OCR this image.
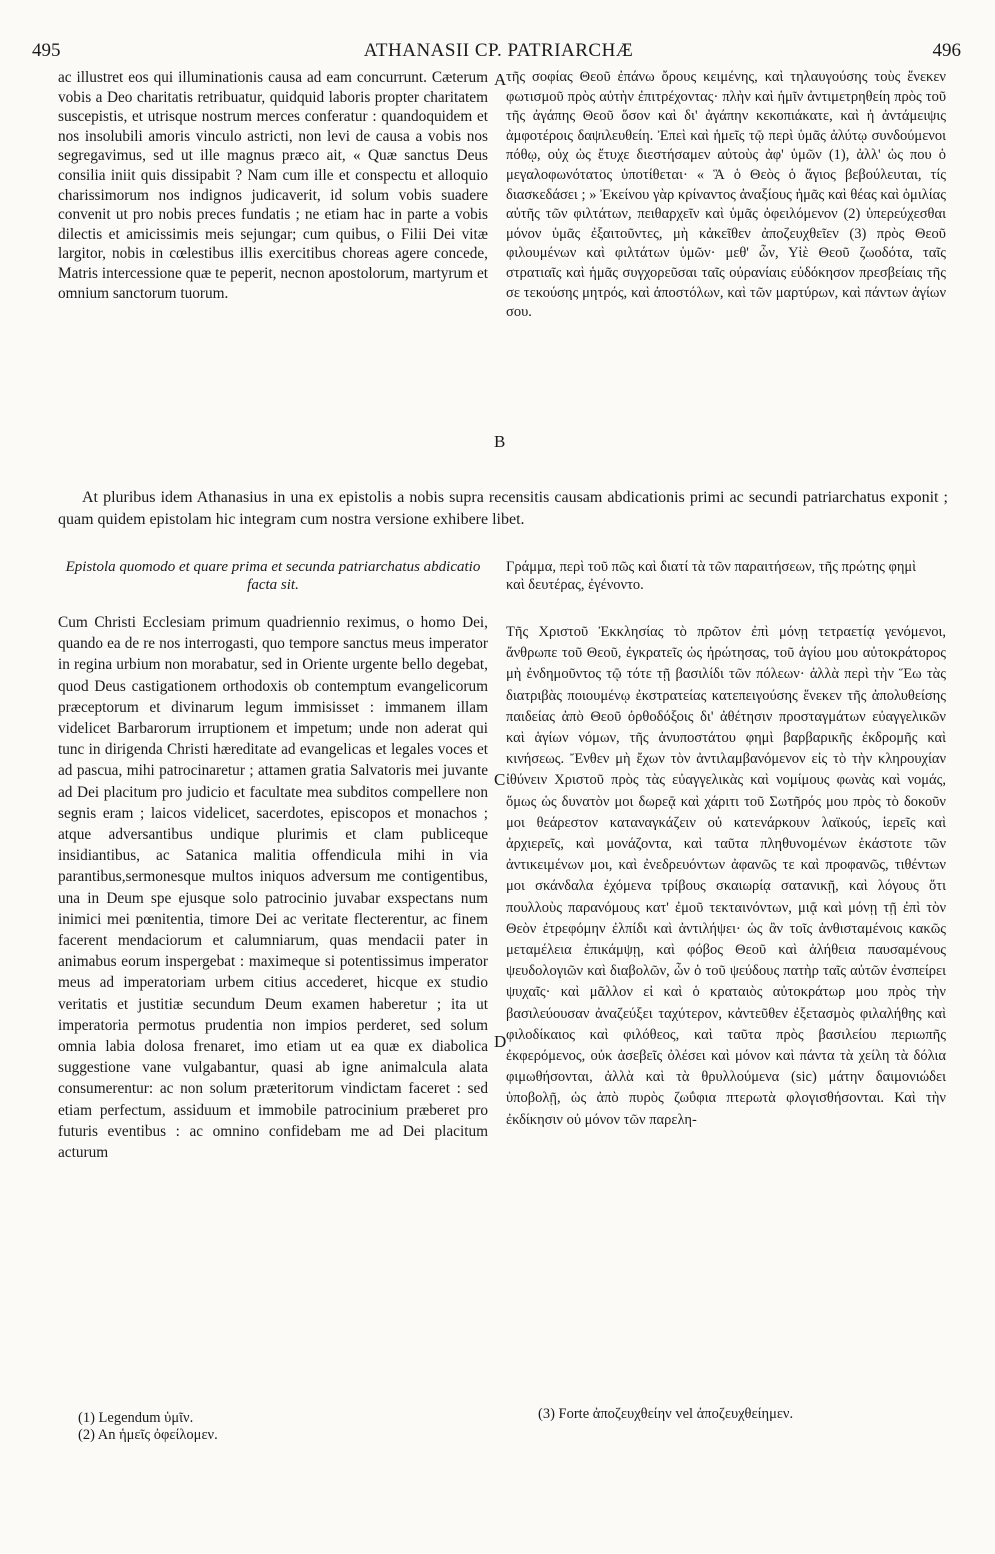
495	ATHANASII CP. PATRIARCHÆ	496

ac illustret eos qui illuminationis causa ad eam concurrunt. Cæterum vobis a Deo charitatis retribuatur, quidquid laboris propter charitatem suscepistis, et utrisque nostrum merces conferatur : quandoquidem et nos insolubili amoris vinculo astricti, non levi de causa a vobis nos segregavimus, sed ut ille magnus præco ait, « Quæ sanctus Deus consilia iniit quis dissipabit ? Nam cum ille et conspectu et alloquio charissimorum nos indignos judicaverit, id solum vobis suadere convenit ut pro nobis preces fundatis ; ne etiam hac in parte a vobis dilectis et amicissimis meis sejungar; cum quibus, o Filii Dei vitæ largitor, nobis in cœlestibus illis exercitibus choreas agere concede, Matris intercessione quæ te peperit, necnon apostolorum, martyrum et omnium sanctorum tuorum.

τῆς σοφίας Θεοῦ ἐπάνω ὄρους κειμένης, καὶ τηλαυγούσης τοὺς ἕνεκεν φωτισμοῦ πρὸς αὐτὴν ἐπιτρέχοντας· πλὴν καὶ ἡμῖν ἀντιμετρηθείη πρὸς τοῦ τῆς ἀγάπης Θεοῦ ὅσον καὶ δι' ἀγάπην κεκοπιάκατε, καὶ ἡ ἀντάμειψις ἀμφοτέροις δαψιλευθείη. Ἐπεὶ καὶ ἡμεῖς τῷ περὶ ὑμᾶς ἀλύτῳ συνδούμενοι πόθῳ, οὐχ ὡς ἔτυχε διεστήσαμεν αὐτοὺς ἀφ' ὑμῶν (1), ἀλλ' ὡς που ὁ μεγαλοφωνότατος ὑποτίθεται· « Ἃ ὁ Θεὸς ὁ ἅγιος βεβούλευται, τίς διασκεδάσει ; » Ἐκείνου γὰρ κρίναντος ἀναξίους ἡμᾶς καὶ θέας καὶ ὁμιλίας αὐτῆς τῶν φιλτάτων, πειθαρχεῖν καὶ ὑμᾶς ὀφειλόμενον (2) ὑπερεύχεσθαι μόνον ὑμᾶς ἐξαιτοῦντες, μὴ κἀκεῖθεν ἀποζευχθεῖεν (3) πρὸς Θεοῦ φιλουμένων καὶ φιλτάτων ὑμῶν· μεθ' ὧν, Υἱὲ Θεοῦ ζωοδότα, ταῖς στρατιαῖς καὶ ἡμᾶς συγχορεῦσαι ταῖς οὐρανίαις εὐδόκησον πρεσβείαις τῆς σε τεκούσης μητρός, καὶ ἀποστόλων, καὶ τῶν μαρτύρων, καὶ πάντων ἁγίων σου.

A
B
At pluribus idem Athanasius in una ex epistolis a nobis supra recensitis causam abdicationis primi ac secundi patriarchatus exponit ; quam quidem epistolam hic integram cum nostra versione exhibere libet.
Epistola quomodo et quare prima et secunda patriarchatus abdicatio facta sit.

Cum Christi Ecclesiam primum quadriennio reximus, o homo Dei, quando ea de re nos interrogasti, quo tempore sanctus meus imperator in regina urbium non morabatur, sed in Oriente urgente bello degebat, quod Deus castigationem orthodoxis ob contemptum evangelicorum præceptorum et divinarum legum immisisset : immanem illam videlicet Barbarorum irruptionem et impetum; unde non aderat qui tunc in dirigenda Christi hæreditate ad evangelicas et legales voces et ad pascua, mihi patrocinaretur ; attamen gratia Salvatoris mei juvante ad Dei placitum pro judicio et facultate mea subditos compellere non segnis eram ; laicos videlicet, sacerdotes, episcopos et monachos ; atque adversantibus undique plurimis et clam publiceque insidiantibus, ac Satanica malitia offendicula mihi in via parantibus,sermonesque multos iniquos adversum me contigentibus, una in Deum spe ejusque solo patrocinio juvabar exspectans num inimici mei pœnitentia, timore Dei ac veritate flecterentur, ac finem facerent mendaciorum et calumniarum, quas mendacii pater in animabus eorum inspergebat : maximeque si potentissimus imperator meus ad imperatoriam urbem citius accederet, hicque ex studio veritatis et justitiæ secundum Deum examen haberetur ; ita ut imperatoria permotus prudentia non impios perderet, sed solum omnia labia dolosa frenaret, imo etiam ut ea quæ ex diabolica suggestione vane vulgabantur, quasi ab igne animalcula alata consumerentur: ac non solum præteritorum vindictam faceret : sed etiam perfectum, assiduum et immobile patrocinium præberet pro futuris eventibus : ac omnino confidebam me ad Dei placitum acturum

Γράμμα, περὶ τοῦ πῶς καὶ διατί τὰ τῶν παραιτήσεων, τῆς πρώτης φημὶ καὶ δευτέρας, ἐγένοντο.

Τῆς Χριστοῦ Ἐκκλησίας τὸ πρῶτον ἐπὶ μόνῃ τετραετίᾳ γενόμενοι, ἄνθρωπε τοῦ Θεοῦ, ἐγκρατεῖς ὡς ἠρώτησας, τοῦ ἁγίου μου αὐτοκράτορος μὴ ἐνδημοῦντος τῷ τότε τῇ βασιλίδι τῶν πόλεων· ἀλλὰ περὶ τὴν Ἕω τὰς διατριβὰς ποιουμένῳ ἐκστρατείας κατεπειγούσης ἕνεκεν τῆς ἀπολυθείσης παιδείας ἀπὸ Θεοῦ ὀρθοδόξοις δι' ἀθέτησιν προσταγμάτων εὐαγγελικῶν καὶ ἁγίων νόμων, τῆς ἀνυποστάτου φημὶ βαρβαρικῆς ἐκδρομῆς καὶ κινήσεως. Ἔνθεν μὴ ἔχων τὸν ἀντιλαμβανόμενον εἰς τὸ τὴν κληρουχίαν ἰθύνειν Χριστοῦ πρὸς τὰς εὐαγγελικὰς καὶ νομίμους φωνὰς καὶ νομάς, ὅμως ὡς δυνατὸν μοι δωρεᾷ καὶ χάριτι τοῦ Σωτῆρός μου πρὸς τὸ δοκοῦν μοι θεάρεστον καταναγκάζειν οὐ κατενάρκουν λαϊκούς, ἱερεῖς καὶ ἀρχιερεῖς, καὶ μονάζοντα, καὶ ταῦτα πληθυνομένων ἑκάστοτε τῶν ἀντικειμένων μοι, καὶ ἐνεδρευόντων ἀφανῶς τε καὶ προφανῶς, τιθέντων μοι σκάνδαλα ἐχόμενα τρίβους σκαιωρίᾳ σατανικῇ, καὶ λόγους ὅτι πουλλοὺς παρανόμους κατ' ἐμοῦ τεκταινόντων, μιᾷ καὶ μόνῃ τῇ ἐπὶ τὸν Θεὸν ἐτρεφόμην ἐλπίδι καὶ ἀντιλήψει· ὡς ἂν τοῖς ἀνθισταμένοις κακῶς μεταμέλεια ἐπικάμψῃ, καὶ φόβος Θεοῦ καὶ ἀλήθεια παυσαμένους ψευδολογιῶν καὶ διαβολῶν, ὧν ὁ τοῦ ψεύδους πατὴρ ταῖς αὐτῶν ἐνσπείρει ψυχαῖς· καὶ μᾶλλον εἰ καὶ ὁ κραταιὸς αὐτοκράτωρ μου πρὸς τὴν βασιλεύουσαν ἀναζεύξει ταχύτερον, κἀντεῦθεν ἐξετασμὸς φιλαλήθης καὶ φιλοδίκαιος καὶ φιλόθεος, καὶ ταῦτα πρὸς βασιλείου περιωπῆς ἐκφερόμενος, οὐκ ἀσεβεῖς ὀλέσει καὶ μόνον καὶ πάντα τὰ χείλη τὰ δόλια φιμωθήσονται, ἀλλὰ καὶ τὰ θρυλλούμενα (sic) μάτην δαιμονιώδει ὑποβολῇ, ὡς ἀπὸ πυρὸς ζωΰφια πτερωτὰ φλογισθήσονται. Καὶ τὴν ἐκδίκησιν οὐ μόνον τῶν παρελη-

C
D
(1) Legendum ὑμῖν.
(2) An ἡμεῖς ὀφείλομεν.
(3) Forte ἀποζευχθείην vel ἀποζευχθείημεν.
